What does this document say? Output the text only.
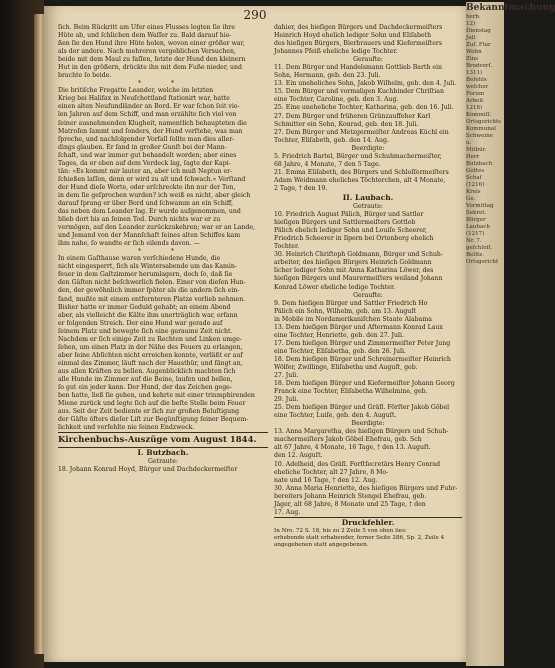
290

ſich. Beim Rückritt am Ufer eines Flusses legten ſie ihre

Hüte ab, und ſchlichen dem Waſſer zu. Bald darauf hie-

ßen ſie den Hund ihre Hüte holen, wovon einer größer war,

als der andere. Nach mehreren vergeblichen Versuchen,

beide mit dem Maul zu faſſen, ſetzte der Hund den kleinern

Hut in den größern, drückte ihn mit dem Fuße nieder, und

brachte ſo beide.

* *

Die britiſche Fregatte Leander, welche im letzten

Krieg bei Halifax in Neuſchottland ſtationirt war, hatte

einen alten Neufundländer an Bord. Er war ſchon ſeit vie-

len Jahren auf dem Schiff, und man erzählte ſich viel von

ſeiner ausnehmenden Klugheit, namentlich behaupteten die

Matroſen ſammt und ſonders, der Hund verſtehe, was man

ſpreche, und nachſolgender Vorfall ſollte man dies aller-

dings glauben. Er fand in großer Gunſt bei der Mann-

ſchaft, und war immer gut behandelt worden; aber eines

Tages, da er eben auf dem Verdeck lag, ſagte der Kapi-

tän: »Es kommt mir lauter an, aber ich muß Neptun er-

ſchießen laſſen, denn er wird zu alt und ſchwach.« Verſtand

der Hund dieſe Worte, oder erſchreckte ihn nur der Ton,

in dem ſie geſprochen wurden? ich weiß es nicht, aber gleich

darauf ſprang er über Bord und ſchwamm an ein Schiff,

das neben dem Leander lag. Er wurde aufgenommen, und

blieb dort bis an ſeinen Tod. Durch nichts war er zu

vermögen, auf den Leander zurückzukehren; war er an Lande,

und Jemand von der Mannſchaft ſeines alten Schiffes kam

ihm nahe, ſo wandte er ſich eilends davon. —

* *

In einem Gaſthause waren verſchiedene Hunde, die

nicht eingesperrt, ſich als Wintersabende um das Kamin-

feuer in dem Gaſtzimmer herumlagern, doch ſo, daß ſie

den Gäſten nicht beſchwerlich fielen. Einer von dieſen Hun-

den, der gewöhnlich immer ſpäter als die andern ſich ein-

fand, mußte mit einem entfernteren Platze vorlieb nehmen.

Bisher hatte er immer Geduld gehabt; an einem Abend

aber, als vielleicht die Kälte ihm unerträglich war, erfann

er folgenden Streich. Der eine Hund war gerade auf

ſeinem Platz und bewegte ſich eine geraume Zeit nicht.

Nachdem er ſich einige Zeit zu Rechten und Linken umge-

ſehen, um einen Platz in der Nähe des Feuers zu erlangen,

aber ſeine Abſichten nicht erreichen konnte, verläßt er auf

einmal das Zimmer, läuft nach der Hausthür, und fängt an,

aus allen Kräften zu bellen. Augenblicklich machten ſich

alle Hunde im Zimmer auf die Beine, laufen und bellen,

ſo gut ein jeder kann. Der Hund, der das Zeichen gege-

ben hatte, ließ ſie gehen, und kehrte mit einer triumphirenden

Miene zurück und legte ſich auf die beſte Stelle beim Feuer

aus. Seit der Zeit bediente er ſich zur großen Beluſtigung

der Gäſte öfters dieſer Liſt zur Begünſtigung ſeiner Bequem-

lichkeit und verfehlte nie ſeinen Endzweck.

Kirchenbuchs-Auszüge vom August 1844.

I. Butzbach.

Getraute:

18. Johann Konrad Hoyd, Bürger und Dachdeckermeiſter

dahier, des hieſigen Bürgers und Dachdeckermeiſters

Heinrich Hoyd ehelich lediger Sohn und Eliſabeth

des hieſigen Bürgers, Bierbrauers und Kiefermeiſters

Johannes Pfeiß eheliche ledige Tochter.

Geraufte:

11. Dem Bürger und Handelsmann Gottlieb Barth ein

Sohn, Hermann, geb. den 23. Juli.

13. Ein uneheliches Sohn, Jakob Wilhelm, geb. den 4. Juli.

15. Dem Bürger und vormaligen Kuchbinder Chriſtian

eine Tochter, Caroline, geb. den 3. Aug.

25. Eine uneheliche Tochter, Katharina, geb. den 16. Juli.

27. Dem Bürger und früheren Grünzauffeher Karl

Schmitter ein Sohn, Konrad, geb. den 18. Juli.

27. Dem Bürger und Metzgermeiſter Andreas Küchl ein

Tochter, Eliſabeth, geb. den 14. Aug.

Beerdigte:

5. Friedrich Bartel, Bürger und Schuhmachermeiſter,

68 Jahre, 4 Monate, 7 den 5 Tage.

21. Emma Eliſabeth, des Bürgers und Schloſſermeiſters

Adam Weidmann eheliches Töchterchen, alt 4 Monate,

2 Tage, † den 19.

II. Laubach.

Getraute:

10. Friedrich August Pälich, Bürger und Sattler

hieſigen Bürgers und Sattlermeiſters Gottlob

Pälich ehelich lediger Sohn und Louiſe Scheerer,

Friedrich Scheerer in Ilpern bei Ortenberg ehelich

Tochter.

30. Heinrich Chriſtoph Goldmann, Bürger und Schuh-

arbeiter, des hieſigen Bürgers Heinrich Goldmann

licher lediger Sohn mit Anna Katharina Löwer, des

hieſigen Bürgers und Maurermeiſters weiland Johann

Konrad Löwer eheliche ledige Tochter.

Geraufte:

9. Dem hieſigen Bürger und Sattler Friedrich Ho

Pälich ein Sohn, Wilhelm, geb. am 13. Auguſt

in Mobile im Nordamerikaniſchen Staate Alabama

13. Dem hieſigen Bürger und Aftermann Konrad Laux

eine Tochter, Henriette, geb. den 27. Juli.

17. Dem hieſigen Bürger und Zimmermeiſter Peter Jung

eine Tochter, Eliſabetha, geb. den 26. Juli.

18. Dem hieſigen Bürger und Schreinermeiſter Heinrich

Wölfer, Zwillinge, Eliſabetha und Auguſt, geb.

27. Juli.

18. Dem hieſigen Bürger und Kiefermeiſter Johann Georg

Franck eine Tochter, Eliſabetha Wilhelmine, geb.

29. Juli.

25. Dem hieſigen Bürger und Gräfl. Förſter Jakob Göbel

eine Tochter, Luiſe, geb. den 4. Auguſt.

Beerdigte:

13. Anna Margaretha, des hieſigen Bürgers und Schuh-

machermeiſters Jakob Göbel Ehefrau, geb. Sch

alt 67 Jahre, 4 Monate, 16 Tage, † den 13. Auguſt.

den 12. Auguſt.

10. Adelheid, des Gräfl. Forſtſecretärs Henry Conrad

eheliche Tochter, alt 27 Jahre, 8 Mo-

nate und 16 Tage, † den 12. Aug.

30. Anna Maria Henriette, des hieſigen Bürgers und Fuhr-

bereiters Johann Heinrich Stengel Ehefrau, geb.

Jäger, alt 68 Jahre, 8 Monate und 25 Tage, † den

17. Aug.

Druckfehler.

In Nro. 72 S. 18, bis zu 2 Zeile 5 von oben lies:

erhebende statt erhabender, ferner Seite 286, Sp. 2, Zeile 4

angegebenen statt angegebenen.

Bekanntmachung

herb.

12)

Dienstag

Juli

Zuſ. Flur

Wohn

Zins

Brodverſ.

1311)

Befehls

welcher

Forum

Arbeit

1218)

Kommiſſ.

Ortsgerichts

Kommunal

Schweine

u.

Mitbür.

Herr

Butzbach

Gottes

Schaf

(1216)

Kreis

Ge.

Vormittag

Sekret.

Bürger

Laubach

(1217)

Nr. 7.

geſchloſſ.

Beſitz.

Ortsgericht
